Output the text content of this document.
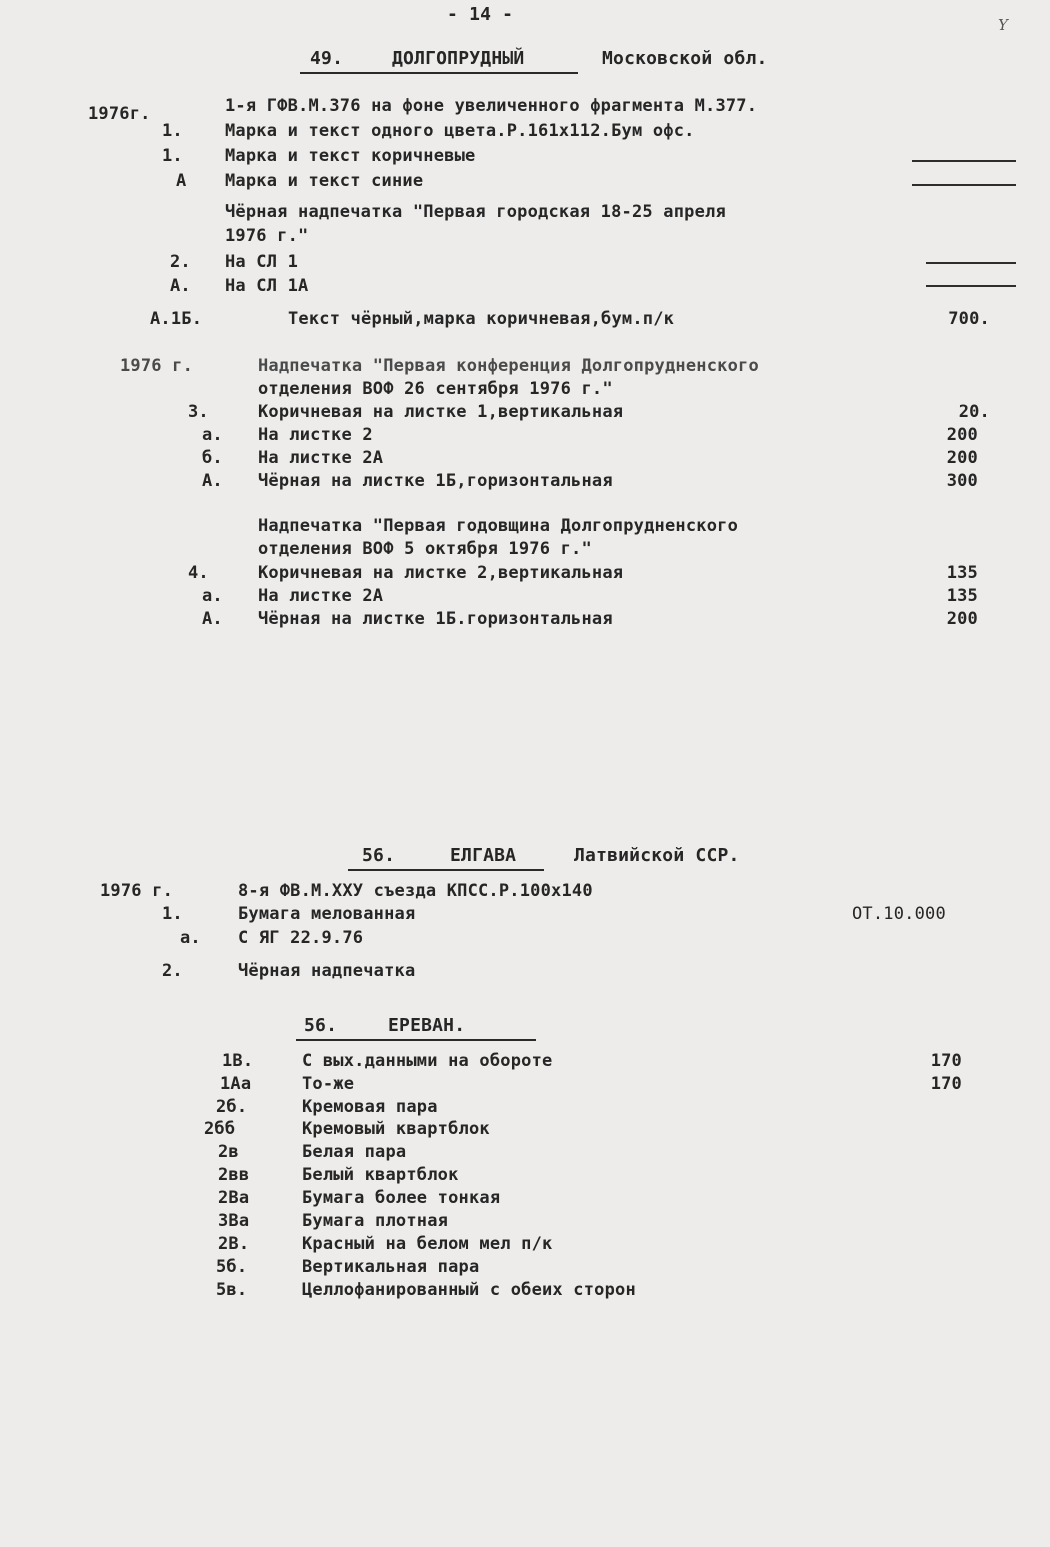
- 14 -	Y
49.	ДОЛГОПРУДНЫЙ	Московской обл.
1976г.	1-я ГФВ.М.376 на фоне увеличенного фрагмента М.377.
1. Марка и текст одного цвета.Р.161х112.Бум офс.
1. Марка и текст коричневые
А Марка и текст синие
Чёрная надпечатка "Первая городская 18-25 апреля
1976 г."
2. На СЛ 1
А. На СЛ 1А
А.1Б.	Текст чёрный,марка коричневая,бум.п/к	700.
1976 г.	Надпечатка "Первая конференция Долгопрудненского
отделения ВОФ 26 сентября 1976 г."
3.	Коричневая на листке 1,вертикальная	20.
а. На листке 2	200
б. На листке 2А	200
А. Чёрная на листке 1Б,горизонтальная	300
Надпечатка "Первая годовщина Долгопрудненского
отделения ВОФ 5 октября 1976 г."
4.	Коричневая на листке 2,вертикальная	135
а. На листке 2А	135
А. Чёрная на листке 1Б.горизонтальная	200
56.	ЕЛГАВА	Латвийской ССР.
1976 г.	8-я ФВ.М.XXУ съезда КПСС.Р.100х140
1.	Бумага мелованная	ОТ.10.000
а. С ЯГ 22.9.76
2.	Чёрная надпечатка
56.	ЕРЕВАН.
1В.	С вых.данными на обороте	170
1Аа	То-же	170
2б.	Кремовая пара
2бб	Кремовый квартблок
2в	Белая пара
2вв	Белый квартблок
2Ва	Бумага более тонкая
3Ва	Бумага плотная
2В.	Красный на белом мел п/к
5б.	Вертикальная пара
5в.	Целлофанированный с обеих сторон
